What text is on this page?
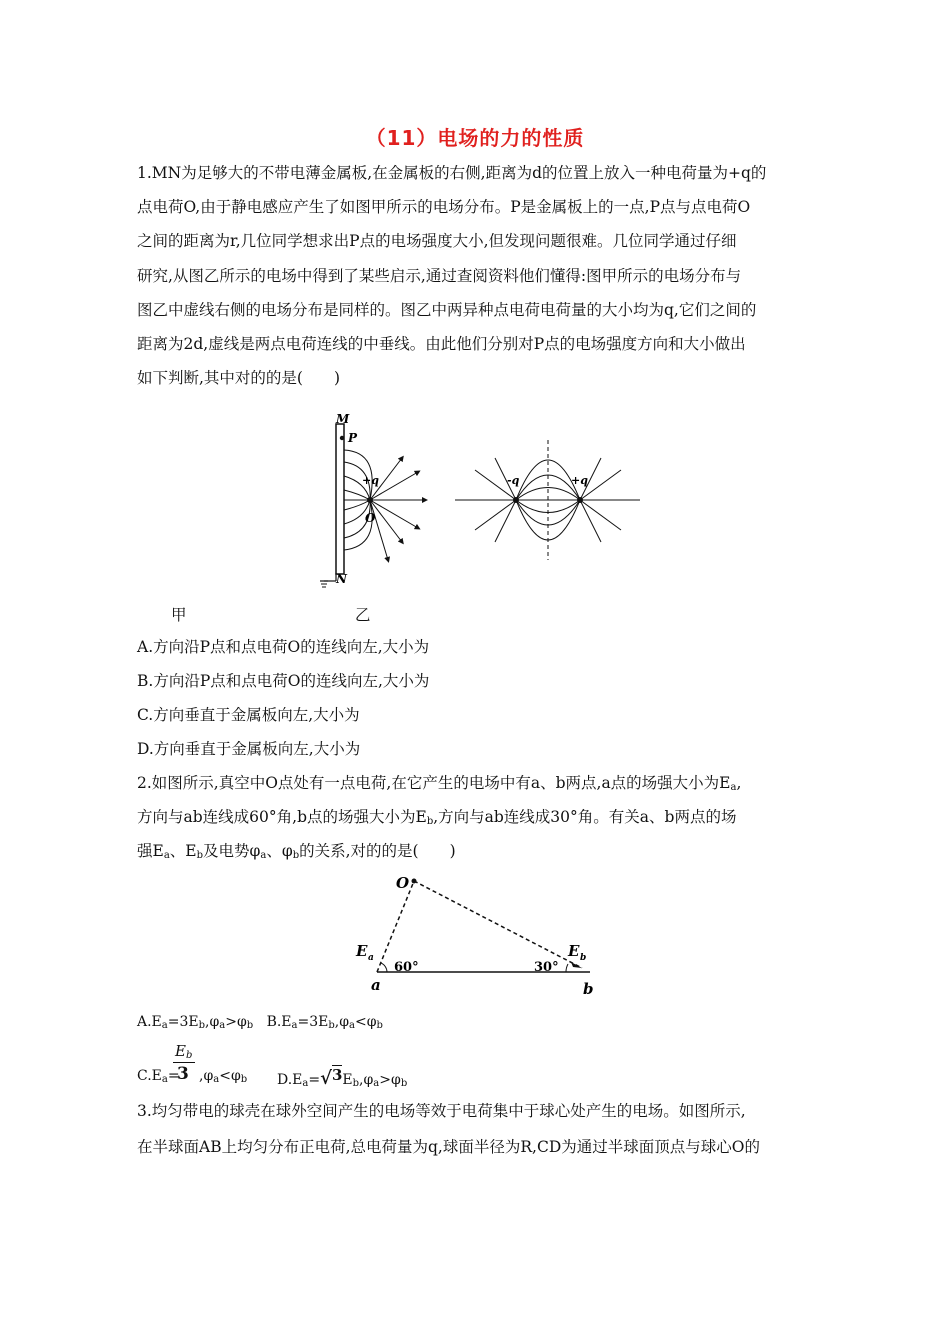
（11）电场的力的性质
1.MN为足够大的不带电薄金属板,在金属板的右侧,距离为d的位置上放入一种电荷量为+q的
点电荷O,由于静电感应产生了如图甲所示的电场分布。P是金属板上的一点,P点与点电荷O
之间的距离为r,几位同学想求出P点的电场强度大小,但发现问题很难。几位同学通过仔细
研究,从图乙所示的电场中得到了某些启示,通过查阅资料他们懂得:图甲所示的电场分布与
图乙中虚线右侧的电场分布是同样的。图乙中两异种点电荷电荷量的大小均为q,它们之间的
距离为2d,虚线是两点电荷连线的中垂线。由此他们分别对P点的电场强度方向和大小做出
如下判断,其中对的的是(　　)
M
P
+q
O
N
-q	+q
甲	乙
A.方向沿P点和点电荷O的连线向左,大小为
B.方向沿P点和点电荷O的连线向左,大小为
C.方向垂直于金属板向左,大小为
D.方向垂直于金属板向左,大小为
2.如图所示,真空中O点处有一点电荷,在它产生的电场中有a、b两点,a点的场强大小为$E_a$,
方向与ab连线成60°角,b点的场强大小为$E_b$,方向与ab连线成30°角。有关a、b两点的场
强$E_a$、$E_b$及电势$\varphi_a$、$\varphi_b$的关系,对的的是(　　)
O
E a
60°
a
E b
30°
b
$A.E_a=3E_b,\varphi_a>\varphi_b$ $B.E_a=3E_b,\varphi_a<\varphi_b$
$C.E_a=$
$E_b$
3 $,\varphi_a<\varphi_b$ $D.E_a=√3E_b,\varphi_a>\varphi_b$
3.均匀带电的球壳在球外空间产生的电场等效于电荷集中于球心处产生的电场。如图所示,
在半球面AB上均匀分布正电荷,总电荷量为q,球面半径为R,CD为通过半球面顶点与球心O的
